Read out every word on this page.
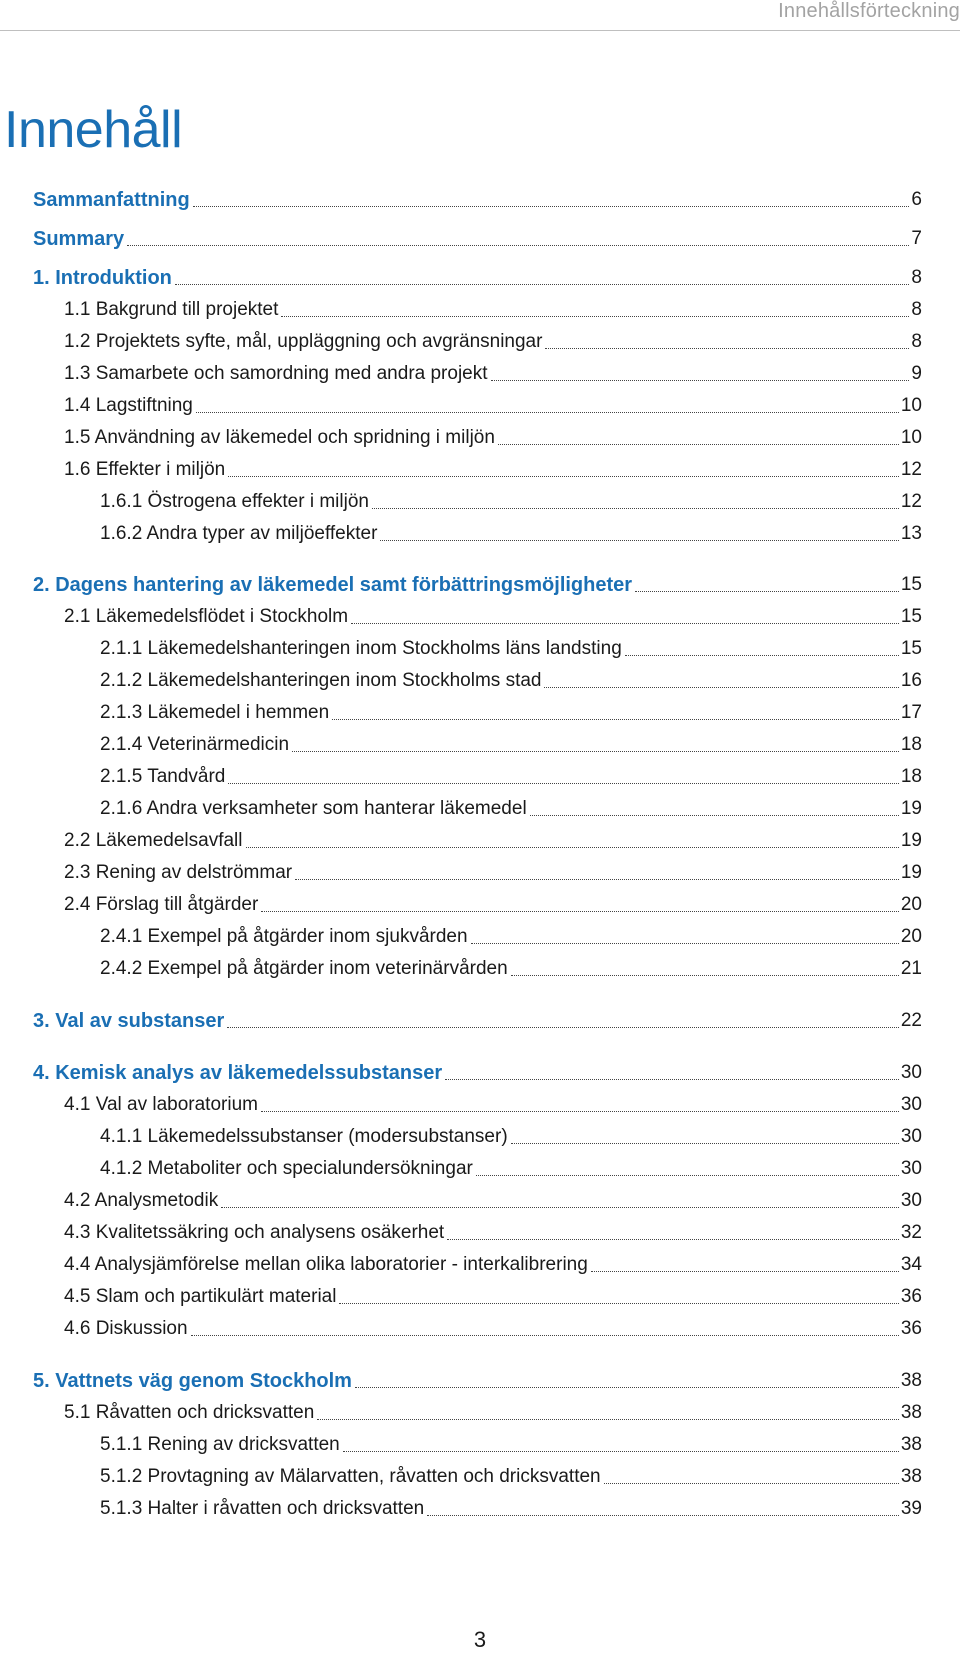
Innehållsförteckning
Innehåll
Sammanfattning	6
Summary	7
1. Introduktion	8
1.1 Bakgrund till projektet	8
1.2 Projektets syfte, mål, uppläggning och avgränsningar	8
1.3 Samarbete och samordning med andra projekt	9
1.4 Lagstiftning	10
1.5 Användning av läkemedel och spridning i miljön	10
1.6 Effekter i miljön	12
1.6.1 Östrogena effekter i miljön	12
1.6.2 Andra typer av miljöeffekter	13
2. Dagens hantering av läkemedel samt förbättringsmöjligheter	15
2.1 Läkemedelsflödet i Stockholm	15
2.1.1 Läkemedelshanteringen inom Stockholms läns landsting	15
2.1.2 Läkemedelshanteringen inom Stockholms stad	16
2.1.3 Läkemedel i hemmen	17
2.1.4 Veterinärmedicin	18
2.1.5 Tandvård	18
2.1.6 Andra verksamheter som hanterar läkemedel	19
2.2 Läkemedelsavfall	19
2.3 Rening av delströmmar	19
2.4 Förslag till åtgärder	20
2.4.1 Exempel på åtgärder inom sjukvården	20
2.4.2 Exempel på åtgärder inom veterinärvården	21
3. Val av substanser	22
4. Kemisk analys av läkemedelssubstanser	30
4.1 Val av laboratorium	30
4.1.1 Läkemedelssubstanser (modersubstanser)	30
4.1.2 Metaboliter och specialundersökningar	30
4.2 Analysmetodik	30
4.3 Kvalitetssäkring och analysens osäkerhet	32
4.4 Analysjämförelse mellan olika laboratorier - interkalibrering	34
4.5 Slam och partikulärt material	36
4.6 Diskussion	36
5. Vattnets väg genom Stockholm	38
5.1 Råvatten och dricksvatten	38
5.1.1 Rening av dricksvatten	38
5.1.2 Provtagning av Mälarvatten, råvatten och dricksvatten	38
5.1.3 Halter i råvatten och dricksvatten	39
3
